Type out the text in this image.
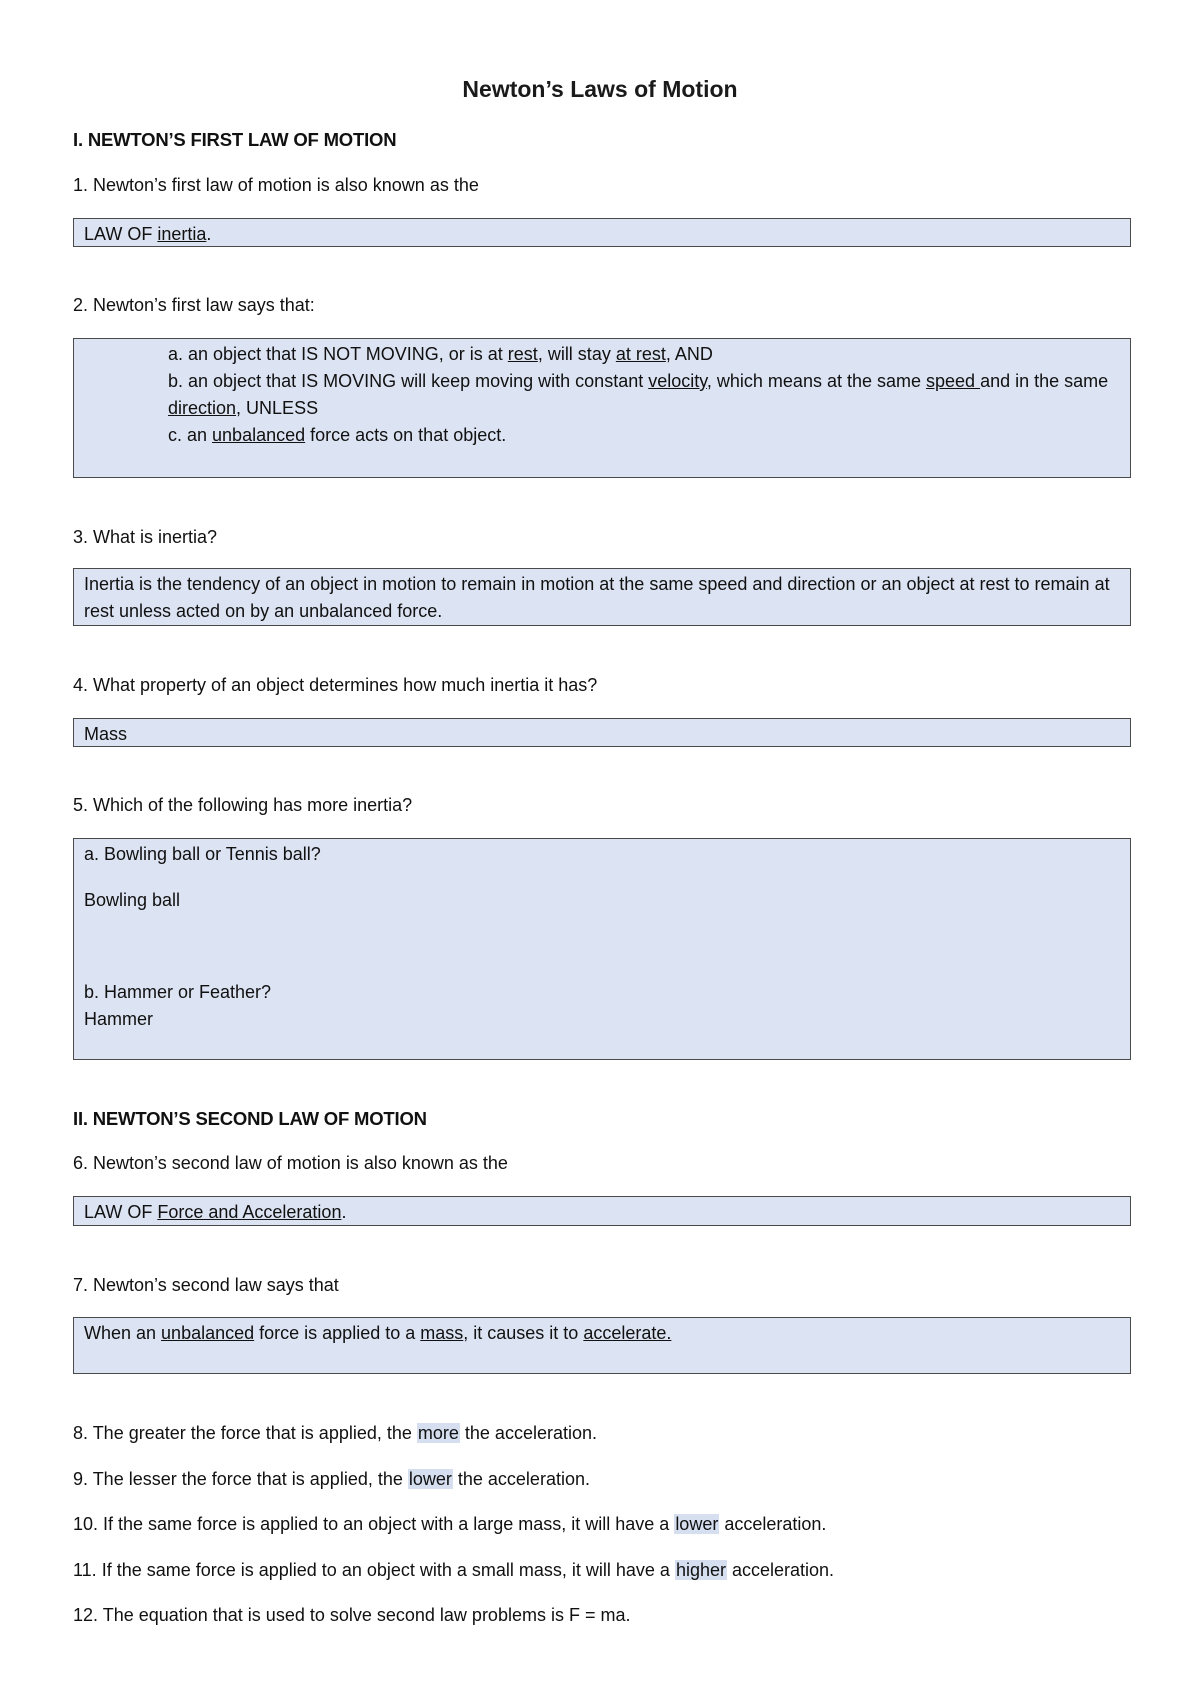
Newton’s Laws of Motion
I. NEWTON’S FIRST LAW OF MOTION
1. Newton’s first law of motion is also known as the
LAW OF inertia.
2. Newton’s first law says that:
a. an object that IS NOT MOVING, or is at rest, will stay at rest, AND
b. an object that IS MOVING will keep moving with constant velocity, which means at the same speed and in the same direction, UNLESS
c. an unbalanced force acts on that object.
3. What is inertia?
Inertia is the tendency of an object in motion to remain in motion at the same speed and direction or an object at rest to remain at rest unless acted on by an unbalanced force.
4. What property of an object determines how much inertia it has?
Mass
5. Which of the following has more inertia?
a. Bowling ball or Tennis ball?
Bowling ball
b. Hammer or Feather?
Hammer
II. NEWTON’S SECOND LAW OF MOTION
6. Newton’s second law of motion is also known as the
LAW OF Force and Acceleration.
7. Newton’s second law says that
When an unbalanced force is applied to a mass, it causes it to accelerate.
8. The greater the force that is applied, the more the acceleration.
9. The lesser the force that is applied, the lower the acceleration.
10. If the same force is applied to an object with a large mass, it will have a lower acceleration.
11. If the same force is applied to an object with a small mass, it will have a higher acceleration.
12. The equation that is used to solve second law problems is F = ma.
